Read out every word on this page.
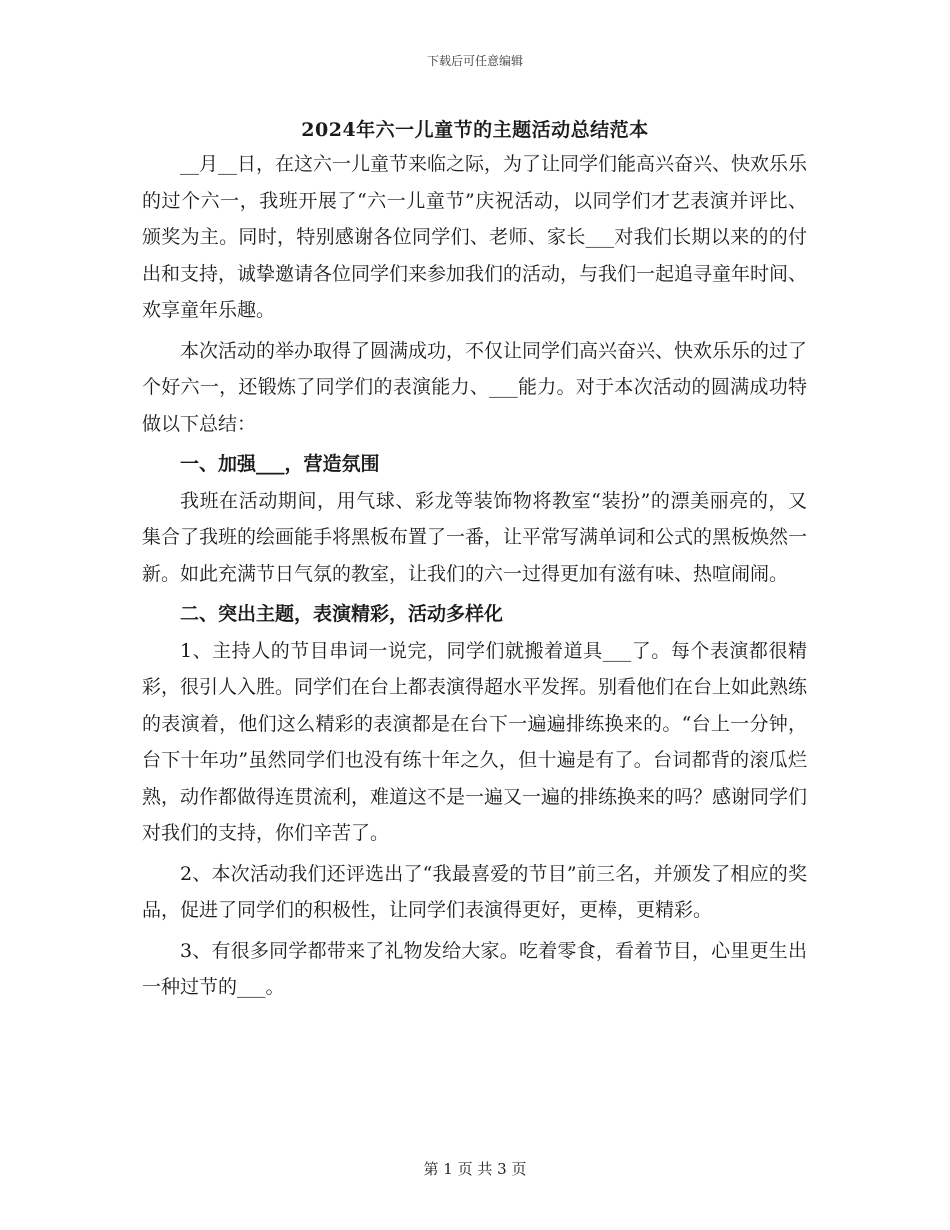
下载后可任意编辑
2024年六一儿童节的主题活动总结范本

__月__日，在这六一儿童节来临之际，为了让同学们能高兴奋兴、快欢乐乐的过个六一，我班开展了“六一儿童节”庆祝活动，以同学们才艺表演并评比、颁奖为主。同时，特别感谢各位同学们、老师、家长___对我们长期以来的的付出和支持，诚挚邀请各位同学们来参加我们的活动，与我们一起追寻童年时间、欢享童年乐趣。

本次活动的举办取得了圆满成功，不仅让同学们高兴奋兴、快欢乐乐的过了个好六一，还锻炼了同学们的表演能力、___能力。对于本次活动的圆满成功特做以下总结：

一、加强___，营造氛围

我班在活动期间，用气球、彩龙等装饰物将教室“装扮”的漂美丽亮的，又集合了我班的绘画能手将黑板布置了一番，让平常写满单词和公式的黑板焕然一新。如此充满节日气氛的教室，让我们的六一过得更加有滋有味、热喧闹闹。

二、突出主题，表演精彩，活动多样化

1、主持人的节目串词一说完，同学们就搬着道具___了。每个表演都很精彩，很引人入胜。同学们在台上都表演得超水平发挥。别看他们在台上如此熟练的表演着，他们这么精彩的表演都是在台下一遍遍排练换来的。“台上一分钟，台下十年功”虽然同学们也没有练十年之久，但十遍是有了。台词都背的滚瓜烂熟，动作都做得连贯流利，难道这不是一遍又一遍的排练换来的吗？感谢同学们对我们的支持，你们辛苦了。

2、本次活动我们还评选出了“我最喜爱的节目”前三名，并颁发了相应的奖品，促进了同学们的积极性，让同学们表演得更好，更棒，更精彩。

3、有很多同学都带来了礼物发给大家。吃着零食，看着节目，心里更生出一种过节的___。

第 1 页 共 3 页
